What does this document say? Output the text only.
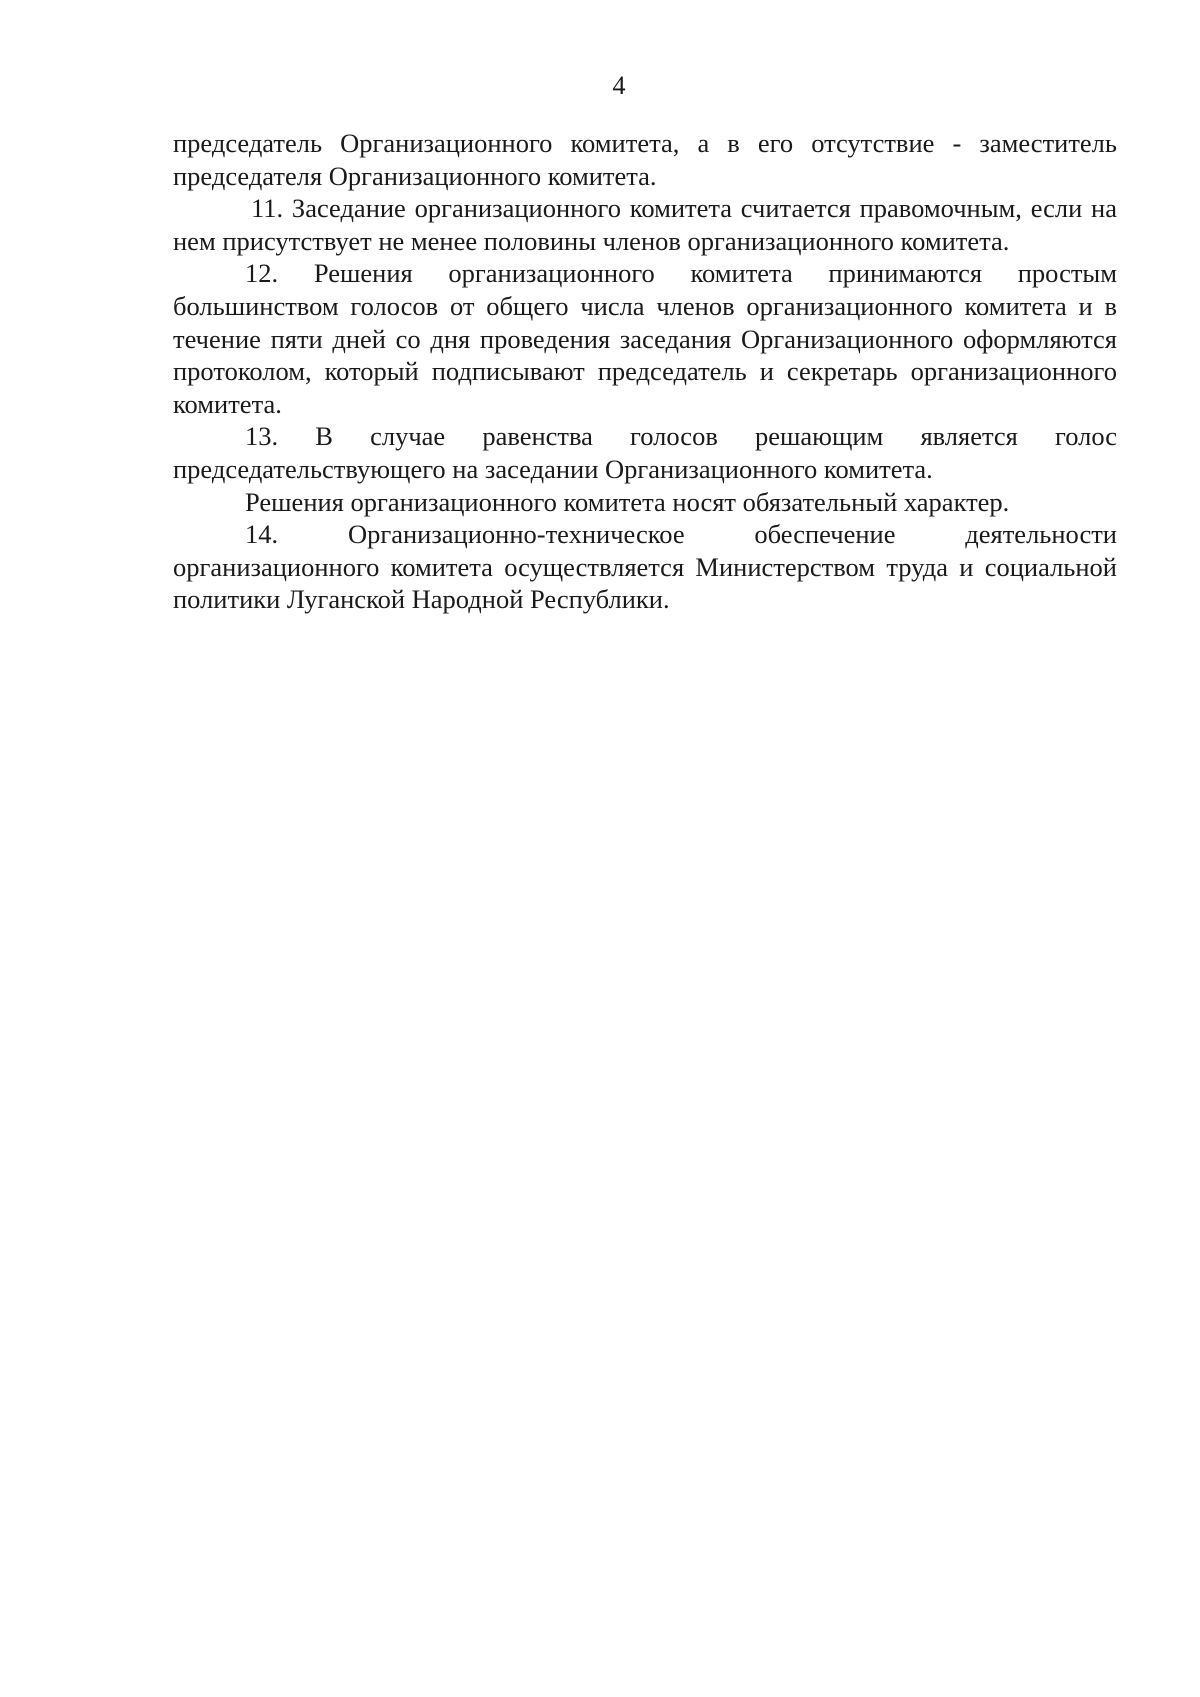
4

председатель Организационного комитета, а в его отсутствие - заместитель председателя Организационного комитета.

11. Заседание организационного комитета считается правомочным, если на нем присутствует не менее половины членов организационного комитета.

12. Решения организационного комитета принимаются простым большинством голосов от общего числа членов организационного комитета и в течение пяти дней со дня проведения заседания Организационного оформляются протоколом, который подписывают председатель и секретарь организационного комитета.

13. В случае равенства голосов решающим является голос председательствующего на заседании Организационного комитета.

Решения организационного комитета носят обязательный характер.

14. Организационно-техническое обеспечение деятельности организационного комитета осуществляется Министерством труда и социальной политики Луганской Народной Республики.
